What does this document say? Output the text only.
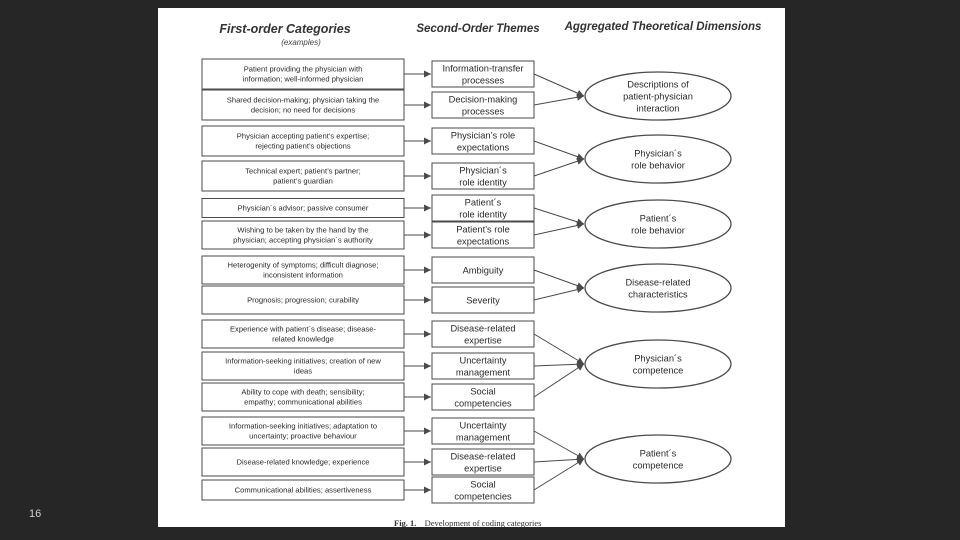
16
First-order Categories
(examples)
Second-Order Themes Aggregated Theoretical Dimensions
Patient providing the physician with information; well-informed physician
Information-transfer processes
Shared decision-making; physician taking the decision; no need for decisions
Decision-making processes
Physician accepting patient’s expertise; rejecting patient’s objections
Physician’s role expectations
Technical expert; patient’s partner; patient’s guardian
Physician´s role identity
Physician´s advisor; passive consumer
Patient´s role identity
Wishing to be taken by the hand by the physician; accepting physician´s authority
Patient’s role expectations
Heterogenity of symptoms; difficult diagnose; inconsistent information	Ambiguity
Prognosis; progression; curability	Severity
Experience with patient´s disease; disease-related knowledge
Disease-related expertise
Information-seeking initiatives; creation of new ideas
Uncertainty management
Ability to cope with death; sensibility; empathy; communicational abilities
Social competencies
Information-seeking initiatives; adaptation to uncertainty; proactive behaviour
Uncertainty management
Disease-related knowledge; experience
Disease-related expertise
Communicational abilities; assertiveness
Social competencies
Descriptions of patient-physician interaction
Physician´s role behavior
Patient´s role behavior
Disease-related characteristics
Physician´s competence
Patient´s competence
Fig. 1. Development of coding categories
